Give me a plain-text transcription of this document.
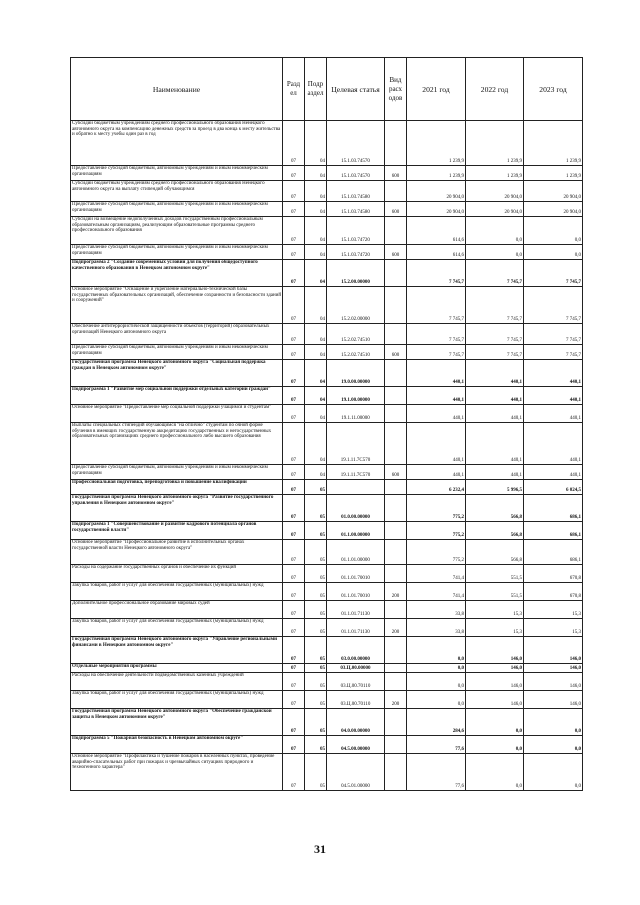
Наименование	Разд ел	Подр аздел	Целевая статья	Вид расх одов	2021 год	2022 год	2023 год
Субсидии бюджетным учреждениям среднего профессионального образования Ненецкого автономного округа на компенсацию денежных средств за проезд в два конца к месту жительства и обратно к месту учебы один раз в год	07	04	15.1.03.74570		1 239,9	1 239,9	1 239,9
Предоставление субсидий бюджетным, автономным учреждениям и иным некоммерческим организациям	07	04	15.1.03.74570	600	1 239,9	1 239,9	1 239,9
Субсидии бюджетным учреждениям среднего профессионального образования Ненецкого автономного округа на выплату стипендий обучающимся	07	04	15.1.03.74580		20 904,0	20 904,0	20 904,0
Предоставление субсидий бюджетным, автономным учреждениям и иным некоммерческим организациям	07	04	15.1.03.74580	600	20 904,0	20 904,0	20 904,0
Субсидии на возмещение недополученных доходов государственным профессиональным образовательным организациям, реализующим образовательные программы среднего профессионального образования	07	04	15.1.03.74720		614,6	0,0	0,0
Предоставление субсидий бюджетным, автономным учреждениям и иным некоммерческим организациям	07	04	15.1.03.74720	600	614,6	0,0	0,0
Подпрограмма 2 "Создание современных условий для получения общедоступного качественного образования в Ненецком автономном округе"	07	04	15.2.00.00000		7 745,7	7 745,7	7 745,7
Основное мероприятие "Оснащение и укрепление материально-технической базы государственных образовательных организаций, обеспечение сохранности и безопасности зданий и сооружений"	07	04	15.2.02.00000		7 745,7	7 745,7	7 745,7
Обеспечение антитеррористической защищенности объектов (территорий) образовательных организаций Ненецкого автономного округа	07	04	15.2.02.74510		7 745,7	7 745,7	7 745,7
Предоставление субсидий бюджетным, автономным учреждениям и иным некоммерческим организациям	07	04	15.2.02.74510	600	7 745,7	7 745,7	7 745,7
Государственная программа Ненецкого автономного округа "Социальная поддержка граждан в Ненецком автономном округе"	07	04	19.0.00.00000		440,1	440,1	440,1
Подпрограмма 1 "Развитие мер социальной поддержки отдельных категорий граждан"	07	04	19.1.00.00000		440,1	440,1	440,1
Основное мероприятие "Предоставление мер социальной поддержки учащимся и студентам"	07	04	19.1.11.00000		440,1	440,1	440,1
Выплаты специальных стипендий обучающимся "на отлично" студентам по очной форме обучения в имеющих государственную аккредитацию государственных и негосударственных образовательных организациях среднего профессионального либо высшего образования	07	04	19.1.11.7С570		440,1	440,1	440,1
Предоставление субсидий бюджетным, автономным учреждениям и иным некоммерческим организациям	07	04	19.1.11.7С570	600	440,1	440,1	440,1
Профессиональная подготовка, переподготовка и повышение квалификации	07	05			6 232,4	5 996,5	6 024,5
Государственная программа Ненецкого автономного округа "Развитие государственного управления в Ненецком автономном округе"	07	05	01.0.00.00000		775,2	566,8	686,1
Подпрограмма 1 "Совершенствование и развитие кадрового потенциала органов государственной власти"	07	05	01.1.00.00000		775,2	566,8	686,1
Основное мероприятие "Профессиональное развитие в исполнительных органах государственной власти Ненецкого автономного округа"	07	05	01.1.01.00000		775,2	566,8	686,1
Расходы на содержание государственных органов и обеспечение их функций	07	05	01.1.01.70010		741,4	551,5	670,8
Закупка товаров, работ и услуг для обеспечения государственных (муниципальных) нужд	07	05	01.1.01.70010	200	741,4	551,5	670,8
Дополнительное профессиональное образование мировых судей	07	05	01.1.01.71130		33,8	15,3	15,3
Закупка товаров, работ и услуг для обеспечения государственных (муниципальных) нужд	07	05	01.1.01.71130	200	33,8	15,3	15,3
Государственная программа Ненецкого автономного округа "Управление региональными финансами в Ненецком автономном округе"	07	05	03.0.00.00000		0,0	146,0	146,0
Отдельные мероприятия программы	07	05	03.Ц.00.00000		0,0	146,0	146,0
Расходы на обеспечение деятельности подведомственных казенных учреждений	07	05	03.Ц.00.70110		0,0	146,0	146,0
Закупка товаров, работ и услуг для обеспечения государственных (муниципальных) нужд	07	05	03.Ц.00.70110	200	0,0	146,0	146,0
Государственная программа Ненецкого автономного округа "Обеспечение гражданской защиты в Ненецком автономном округе"	07	05	04.0.00.00000		284,6	0,0	0,0
Подпрограмма 5 "Пожарная безопасность в Ненецком автономном округе"	07	05	04.5.00.00000		77,6	0,0	0,0
Основное мероприятие "Профилактика и тушение пожаров в населённых пунктах, проведение аварийно-спасательных работ при пожарах и чрезвычайных ситуациях природного и техногенного характера"	07	05	04.5.01.00000		77,6	0,0	0,0
31
